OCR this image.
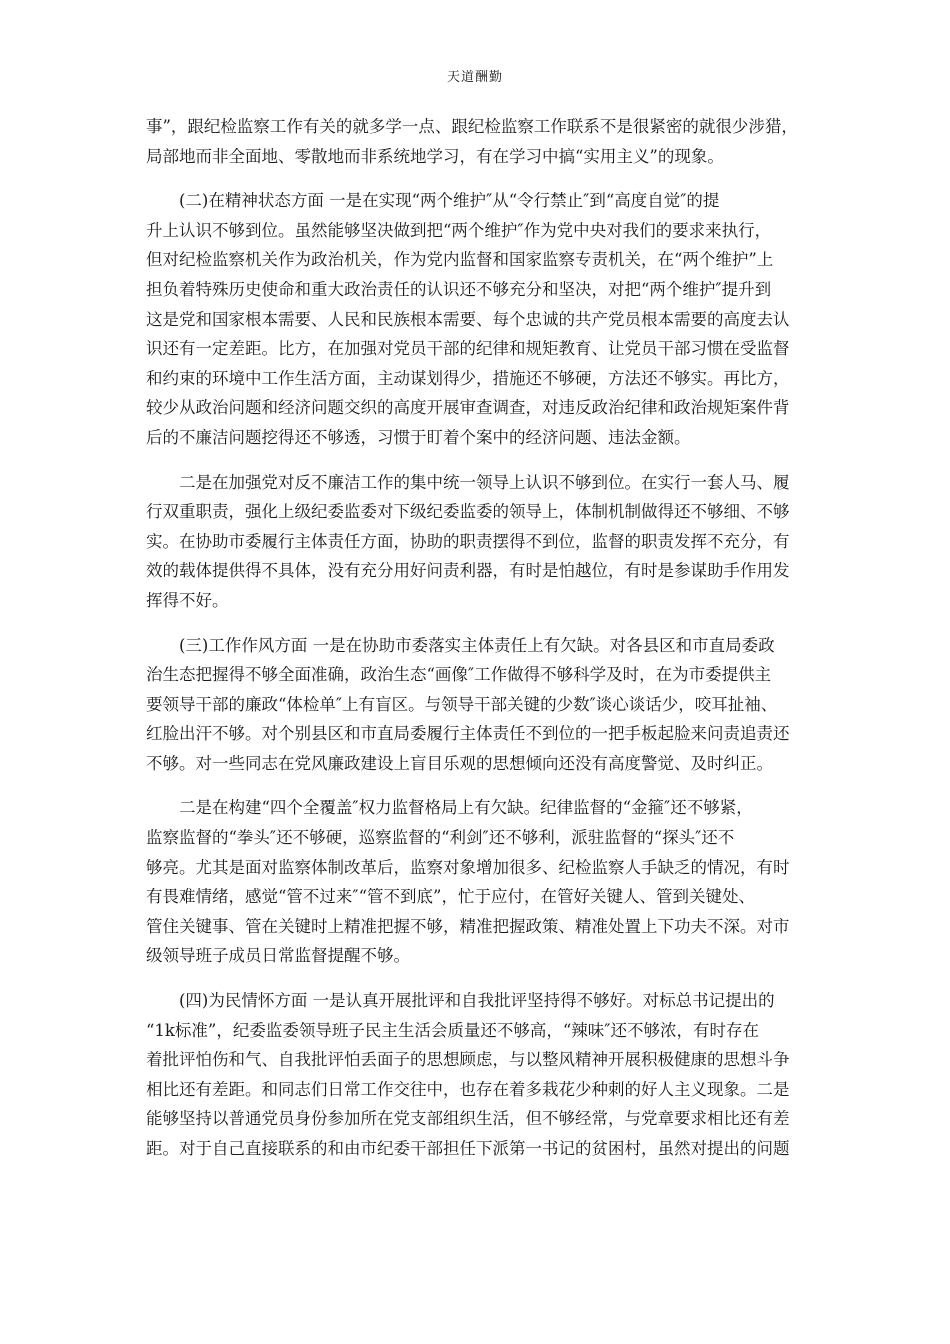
天道酬勤

事”，跟纪检监察工作有关的就多学一点、跟纪检监察工作联系不是很紧密的就很少涉猎，
局部地而非全面地、零散地而非系统地学习，有在学习中搞“实用主义”的现象。

(二)在精神状态方面 一是在实现“两个维护″从“令行禁止″到“高度自觉″的提
升上认识不够到位。虽然能够坚决做到把“两个维护″作为党中央对我们的要求来执行，
但对纪检监察机关作为政治机关，作为党内监督和国家监察专责机关，在“两个维护”上
担负着特殊历史使命和重大政治责任的认识还不够充分和坚决，对把“两个维护″提升到
这是党和国家根本需要、人民和民族根本需要、每个忠诚的共产党员根本需要的高度去认
识还有一定差距。比方，在加强对党员干部的纪律和规矩教育、让党员干部习惯在受监督
和约束的环境中工作生活方面，主动谋划得少，措施还不够硬，方法还不够实。再比方，
较少从政治问题和经济问题交织的高度开展审查调查，对违反政治纪律和政治规矩案件背
后的不廉洁问题挖得还不够透，习惯于盯着个案中的经济问题、违法金额。

二是在加强党对反不廉洁工作的集中统一领导上认识不够到位。在实行一套人马、履
行双重职责，强化上级纪委监委对下级纪委监委的领导上，体制机制做得还不够细、不够
实。在协助市委履行主体责任方面，协助的职责摆得不到位，监督的职责发挥不充分，有
效的载体提供得不具体，没有充分用好问责利器，有时是怕越位，有时是参谋助手作用发
挥得不好。

(三)工作作风方面 一是在协助市委落实主体责任上有欠缺。对各县区和市直局委政
治生态把握得不够全面准确，政治生态“画像″工作做得不够科学及时，在为市委提供主
要领导干部的廉政“体检单″上有盲区。与领导干部关键的少数″谈心谈话少，咬耳扯袖、
红脸出汗不够。对个别县区和市直局委履行主体责任不到位的一把手板起脸来问责追责还
不够。对一些同志在党风廉政建设上盲目乐观的思想倾向还没有高度警觉、及时纠正。

二是在构建“四个全覆盖″权力监督格局上有欠缺。纪律监督的“金箍″还不够紧，
监察监督的“拳头″还不够硬，巡察监督的“利剑″还不够利，派驻监督的“探头″还不
够亮。尤其是面对监察体制改革后，监察对象增加很多、纪检监察人手缺乏的情况，有时
有畏难情绪，感觉“管不过来″“管不到底”，忙于应付，在管好关键人、管到关键处、
管住关键事、管在关键时上精准把握不够，精准把握政策、精准处置上下功夫不深。对市
级领导班子成员日常监督提醒不够。

(四)为民情怀方面 一是认真开展批评和自我批评坚持得不够好。对标总书记提出的
“1k标准”，纪委监委领导班子民主生活会质量还不够高，“辣味″还不够浓，有时存在
着批评怕伤和气、自我批评怕丢面子的思想顾虑，与以整风精神开展积极健康的思想斗争
相比还有差距。和同志们日常工作交往中，也存在着多栽花少种刺的好人主义现象。二是
能够坚持以普通党员身份参加所在党支部组织生活，但不够经常，与党章要求相比还有差
距。对于自己直接联系的和由市纪委干部担任下派第一书记的贫困村，虽然对提出的问题
